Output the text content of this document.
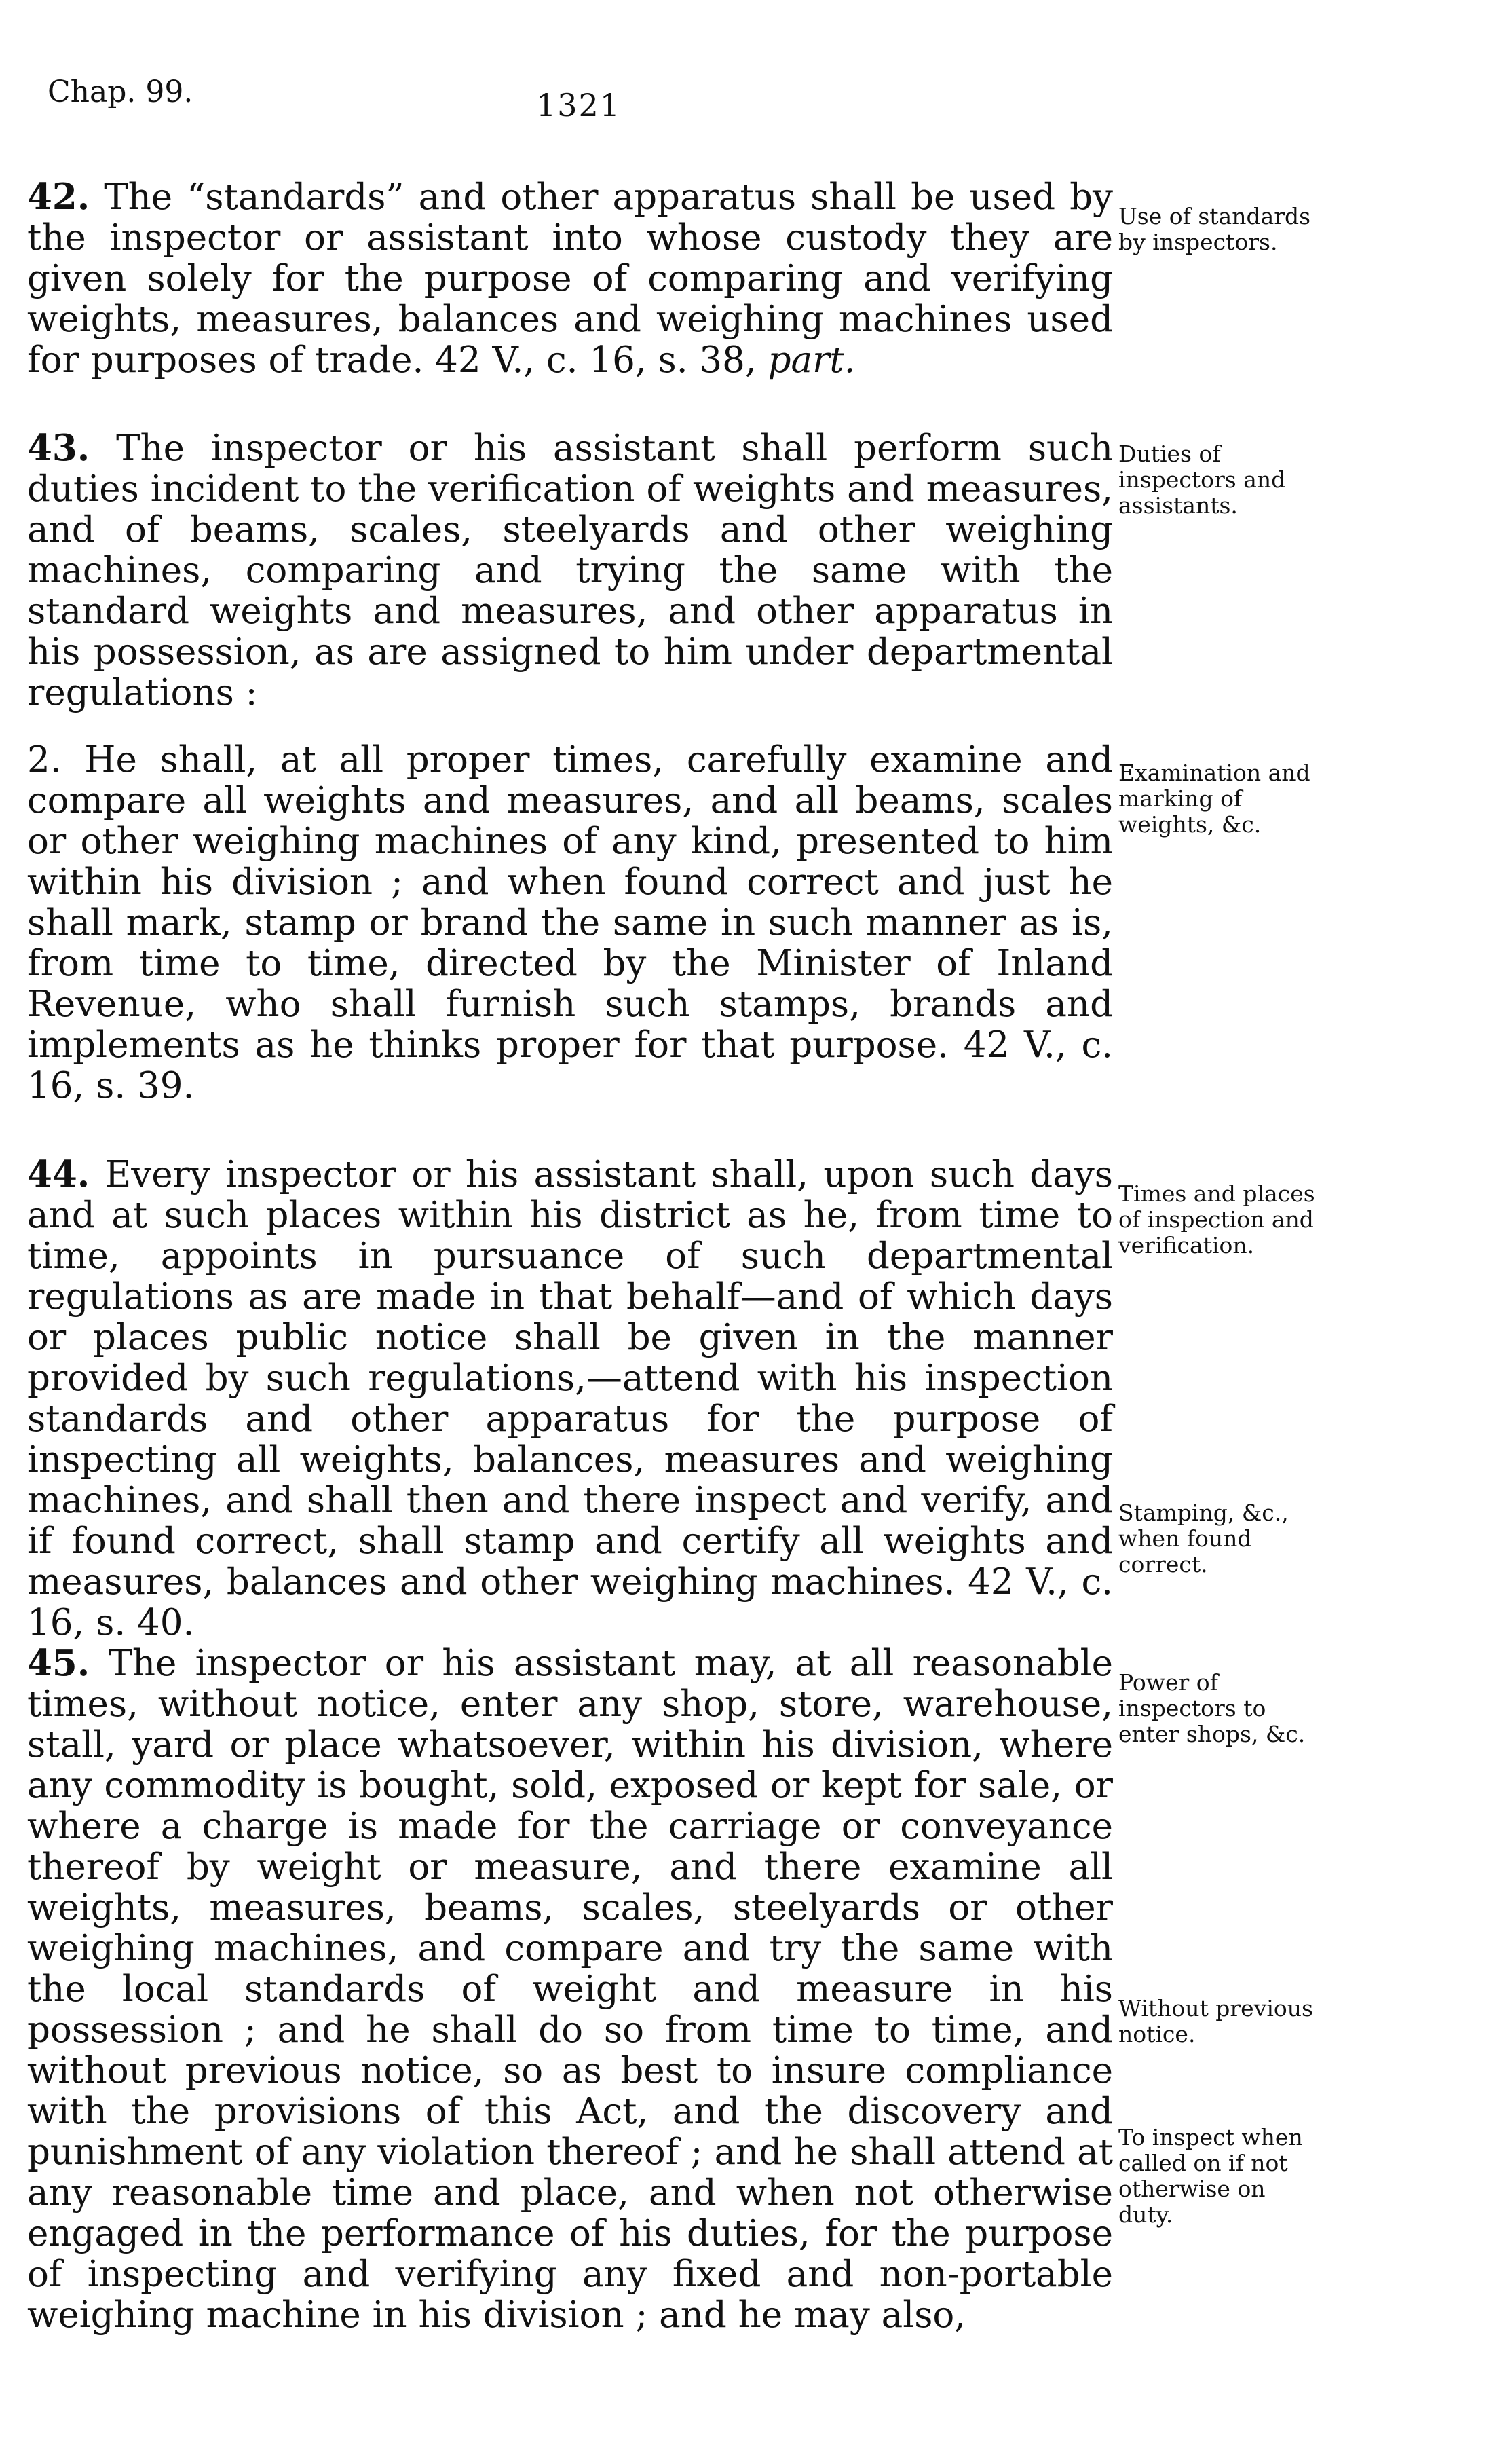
Chap. 99.	1321

42. The “standards” and other apparatus shall be used by the inspector or assistant into whose custody they are given solely for the purpose of comparing and verifying weights, measures, balances and weighing machines used for purposes of trade. 42 V., c. 16, s. 38, part.

43. The inspector or his assistant shall perform such duties incident to the verification of weights and measures, and of beams, scales, steelyards and other weighing machines, comparing and trying the same with the standard weights and measures, and other apparatus in his possession, as are assigned to him under departmental regulations :

2. He shall, at all proper times, carefully examine and compare all weights and measures, and all beams, scales or other weighing machines of any kind, presented to him within his division ; and when found correct and just he shall mark, stamp or brand the same in such manner as is, from time to time, directed by the Minister of Inland Revenue, who shall furnish such stamps, brands and implements as he thinks proper for that purpose. 42 V., c. 16, s. 39.

44. Every inspector or his assistant shall, upon such days and at such places within his district as he, from time to time, appoints in pursuance of such departmental regulations as are made in that behalf—and of which days or places public notice shall be given in the manner provided by such regulations,—attend with his inspection standards and other apparatus for the purpose of inspecting all weights, balances, measures and weighing machines, and shall then and there inspect and verify, and if found correct, shall stamp and certify all weights and measures, balances and other weighing machines. 42 V., c. 16, s. 40.

45. The inspector or his assistant may, at all reasonable times, without notice, enter any shop, store, warehouse, stall, yard or place whatsoever, within his division, where any commodity is bought, sold, exposed or kept for sale, or where a charge is made for the carriage or conveyance thereof by weight or measure, and there examine all weights, measures, beams, scales, steelyards or other weighing machines, and compare and try the same with the local standards of weight and measure in his possession ; and he shall do so from time to time, and without previous notice, so as best to insure compliance with the provisions of this Act, and the discovery and punishment of any violation thereof ; and he shall attend at any reasonable time and place, and when not otherwise engaged in the performance of his duties, for the purpose of inspecting and verifying any fixed and non-portable weighing machine in his division ; and he may also,

Use of standards by inspectors.
Duties of inspectors and assistants.
Examination and marking of weights, &c.
Times and places of inspection and verification.
Stamping, &c., when found correct.
Power of inspectors to enter shops, &c.
Without previous notice.
To inspect when called on if not otherwise on duty.
